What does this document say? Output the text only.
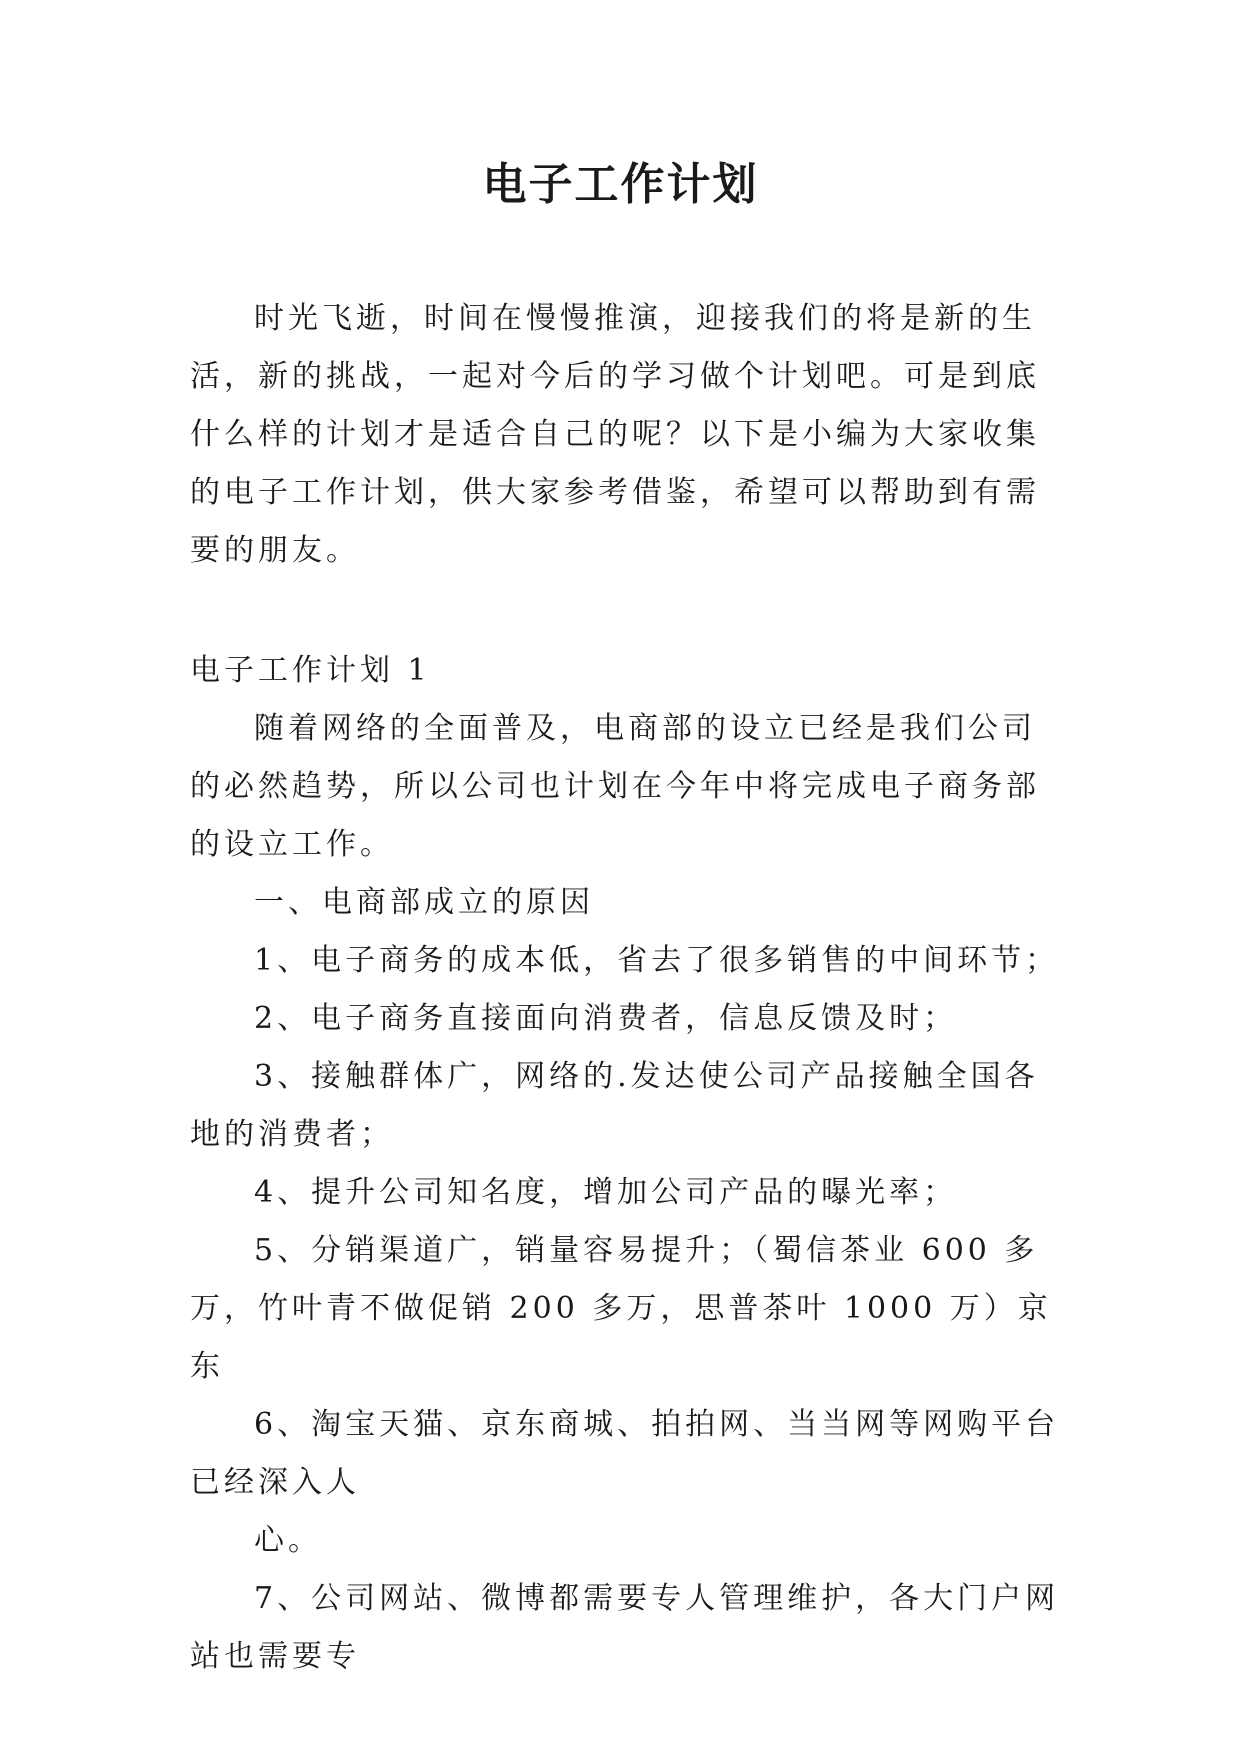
电子工作计划

时光飞逝，时间在慢慢推演，迎接我们的将是新的生活，新的挑战，一起对今后的学习做个计划吧。可是到底什么样的计划才是适合自己的呢？以下是小编为大家收集的电子工作计划，供大家参考借鉴，希望可以帮助到有需要的朋友。

电子工作计划 1

随着网络的全面普及，电商部的设立已经是我们公司的必然趋势，所以公司也计划在今年中将完成电子商务部的设立工作。

一、电商部成立的原因

1、电子商务的成本低，省去了很多销售的中间环节；

2、电子商务直接面向消费者，信息反馈及时；

3、接触群体广，网络的.发达使公司产品接触全国各地的消费者；

4、提升公司知名度，增加公司产品的曝光率；

5、分销渠道广，销量容易提升；（蜀信茶业 600 多万，竹叶青不做促销 200 多万，思普茶叶 1000 万）京东

6、淘宝天猫、京东商城、拍拍网、当当网等网购平台已经深入人

心。

7、公司网站、微博都需要专人管理维护，各大门户网站也需要专
